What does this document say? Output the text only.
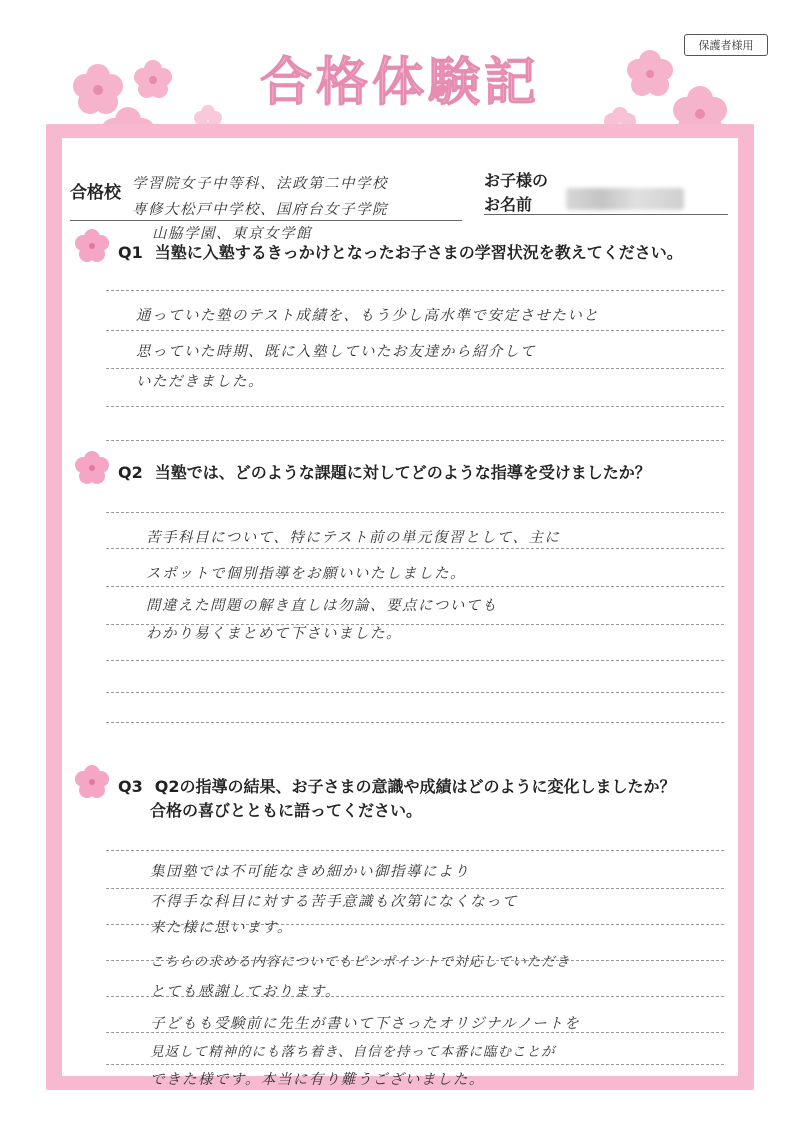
保護者様用
合格体験記
合格校 学習院女子中等科、法政第二中学校
専修大松戸中学校、国府台女子学院
山脇学園、東京女学館
お子様の
お名前
Q1 当塾に入塾するきっかけとなったお子さまの学習状況を教えてください。
通っていた塾のテスト成績を、もう少し高水準で安定させたいと
思っていた時期、既に入塾していたお友達から紹介して
いただきました。
Q2 当塾では、どのような課題に対してどのような指導を受けましたか？
苦手科目について、特にテスト前の単元復習として、主に
スポットで個別指導をお願いいたしました。
間違えた問題の解き直しは勿論、要点についても
わかり易くまとめて下さいました。
Q3 Q2の指導の結果、お子さまの意識や成績はどのように変化しましたか？
合格の喜びとともに語ってください。
集団塾では不可能なきめ細かい御指導により
不得手な科目に対する苦手意識も次第になくなって
来た様に思います。
こちらの求める内容についてもピンポイントで対応していただき
とても感謝しております。
子どもも受験前に先生が書いて下さったオリジナルノートを
見返して精神的にも落ち着き、自信を持って本番に臨むことが
できた様です。本当に有り難うございました。
